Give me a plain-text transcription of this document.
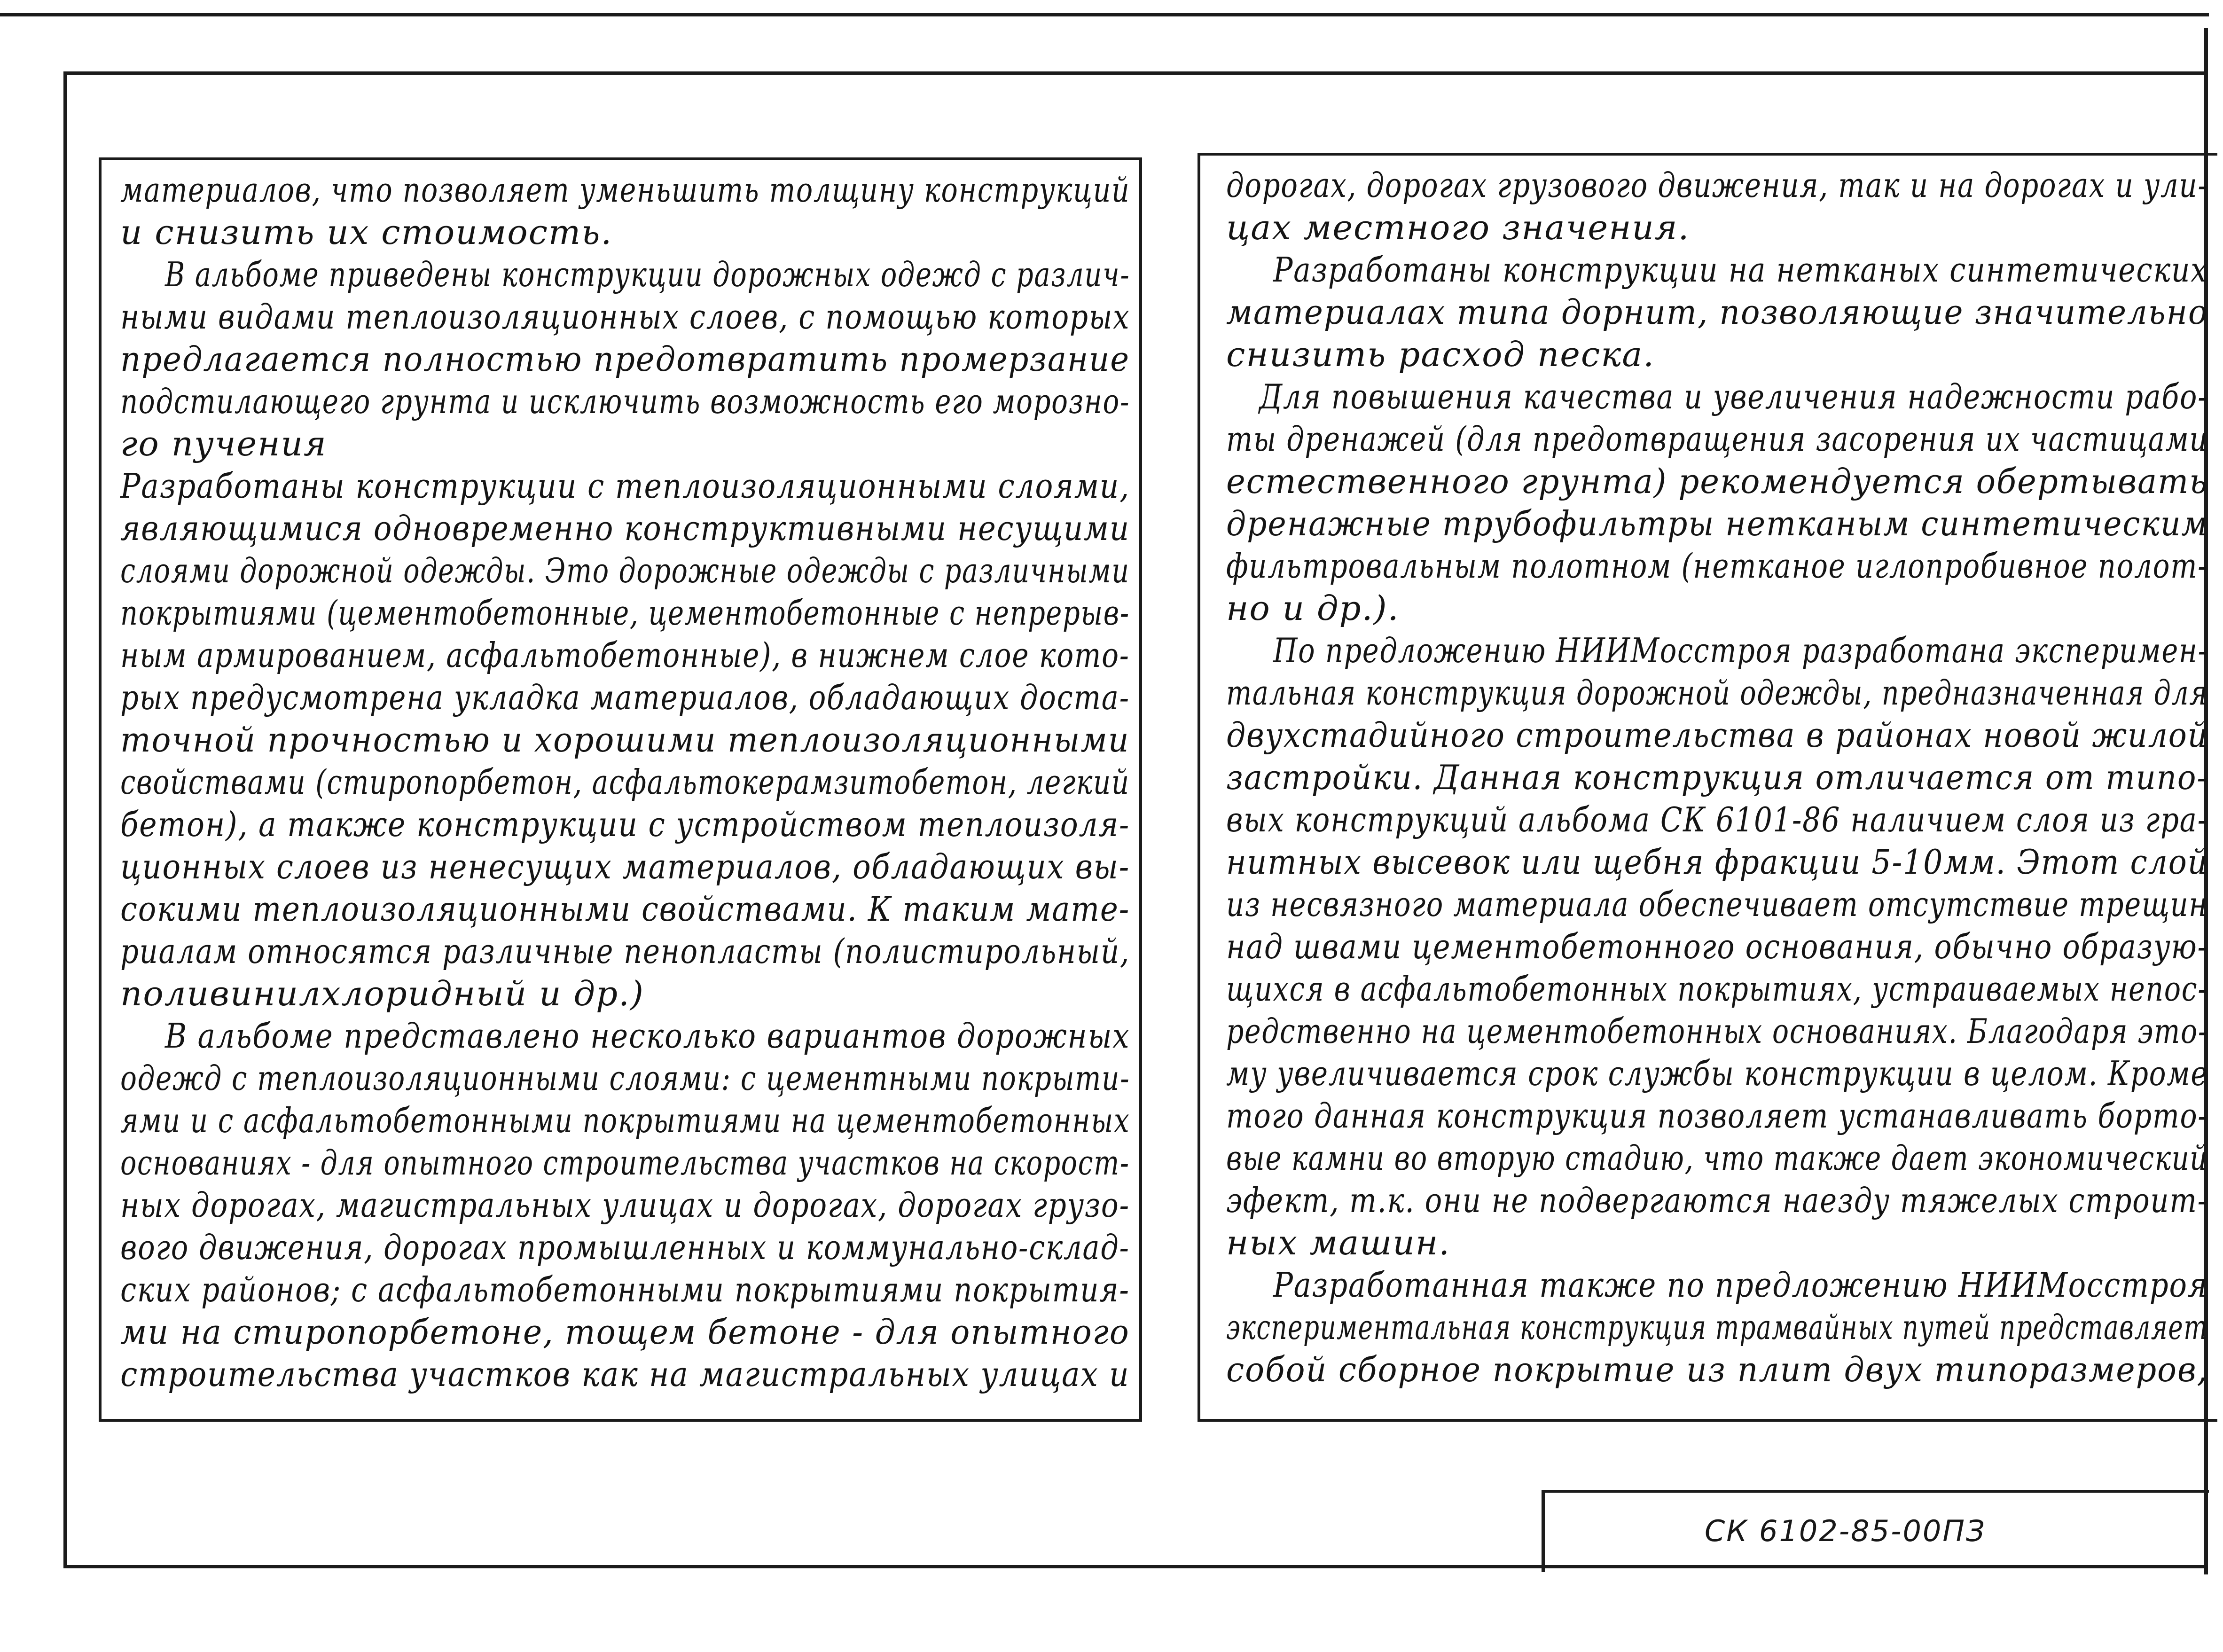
материалов, что позволяет уменьшить толщину конструкций
и снизить их стоимость.
В альбоме приведены конструкции дорожных одежд с различ-
ными видами теплоизоляционных слоев, с помощью которых
предлагается полностью предотвратить промерзание
подстилающего грунта и исключить возможность его морозно-
го пучения
Разработаны конструкции с теплоизоляционными слоями,
являющимися одновременно конструктивными несущими
слоями дорожной одежды. Это дорожные одежды с различными
покрытиями (цементобетонные, цементобетонные с непрерыв-
ным армированием, асфальтобетонные), в нижнем слое кото-
рых предусмотрена укладка материалов, обладающих доста-
точной прочностью и хорошими теплоизоляционными
свойствами (стиропорбетон, асфальтокерамзитобетон, легкий
бетон), а также конструкции с устройством теплоизоля-
ционных слоев из ненесущих материалов, обладающих вы-
сокими теплоизоляционными свойствами. К таким мате-
риалам относятся различные пенопласты (полистирольный,
поливинилхлоридный и др.)
В альбоме представлено несколько вариантов дорожных
одежд с теплоизоляционными слоями: с цементными покрыти-
ями и с асфальтобетонными покрытиями на цементобетонных
основаниях - для опытного строительства участков на скорост-
ных дорогах, магистральных улицах и дорогах, дорогах грузо-
вого движения, дорогах промышленных и коммунально-склад-
ских районов; с асфальтобетонными покрытиями покрытия-
ми на стиропорбетоне, тощем бетоне - для опытного
строительства участков как на магистральных улицах и
дорогах, дорогах грузового движения, так и на дорогах и ули-
цах местного значения.
Разработаны конструкции на нетканых синтетических
материалах типа дорнит, позволяющие значительно
снизить расход песка.
Для повышения качества и увеличения надежности рабо-
ты дренажей (для предотвращения засорения их частицами
естественного грунта) рекомендуется обертывать
дренажные трубофильтры нетканым синтетическим
фильтровальным полотном (нетканое иглопробивное полот-
но и др.).
По предложению НИИМосстроя разработана эксперимен-
тальная конструкция дорожной одежды, предназначенная для
двухстадийного строительства в районах новой жилой
застройки. Данная конструкция отличается от типо-
вых конструкций альбома СК 6101-86 наличием слоя из гра-
нитных высевок или щебня фракции 5-10мм. Этот слой
из несвязного материала обеспечивает отсутствие трещин
над швами цементобетонного основания, обычно образую-
щихся в асфальтобетонных покрытиях, устраиваемых непос-
редственно на цементобетонных основаниях. Благодаря это-
му увеличивается срок службы конструкции в целом. Кроме
того данная конструкция позволяет устанавливать борто-
вые камни во вторую стадию, что также дает экономический
эфект, т.к. они не подвергаются наезду тяжелых строит-
ных машин.
Разработанная также по предложению НИИМосстроя
экспериментальная конструкция трамвайных путей представляет
собой сборное покрытие из плит двух типоразмеров,
СК 6102-85-00ПЗ
